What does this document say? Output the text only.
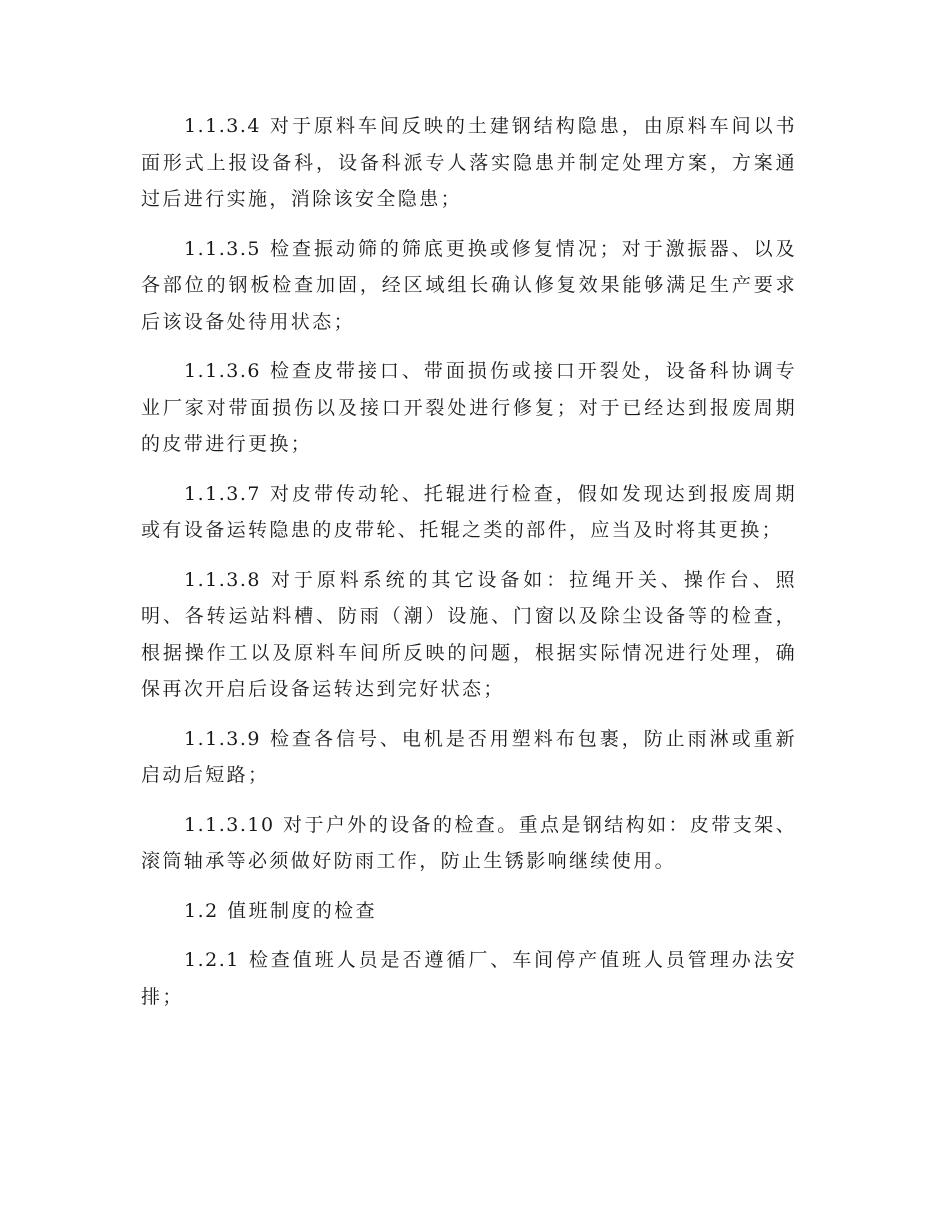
1.1.3.4 对于原料车间反映的土建钢结构隐患，由原料车间以书面形式上报设备科，设备科派专人落实隐患并制定处理方案，方案通过后进行实施，消除该安全隐患；

1.1.3.5 检查振动筛的筛底更换或修复情况；对于激振器、以及各部位的钢板检查加固，经区域组长确认修复效果能够满足生产要求后该设备处待用状态；

1.1.3.6 检查皮带接口、带面损伤或接口开裂处，设备科协调专业厂家对带面损伤以及接口开裂处进行修复；对于已经达到报废周期的皮带进行更换；

1.1.3.7 对皮带传动轮、托辊进行检查，假如发现达到报废周期或有设备运转隐患的皮带轮、托辊之类的部件，应当及时将其更换；

1.1.3.8 对于原料系统的其它设备如：拉绳开关、操作台、照明、各转运站料槽、防雨（潮）设施、门窗以及除尘设备等的检查，根据操作工以及原料车间所反映的问题，根据实际情况进行处理，确保再次开启后设备运转达到完好状态；

1.1.3.9 检查各信号、电机是否用塑料布包裹，防止雨淋或重新启动后短路；

1.1.3.10 对于户外的设备的检查。重点是钢结构如：皮带支架、滚筒轴承等必须做好防雨工作，防止生锈影响继续使用。

1.2 值班制度的检查

1.2.1 检查值班人员是否遵循厂、车间停产值班人员管理办法安排；
